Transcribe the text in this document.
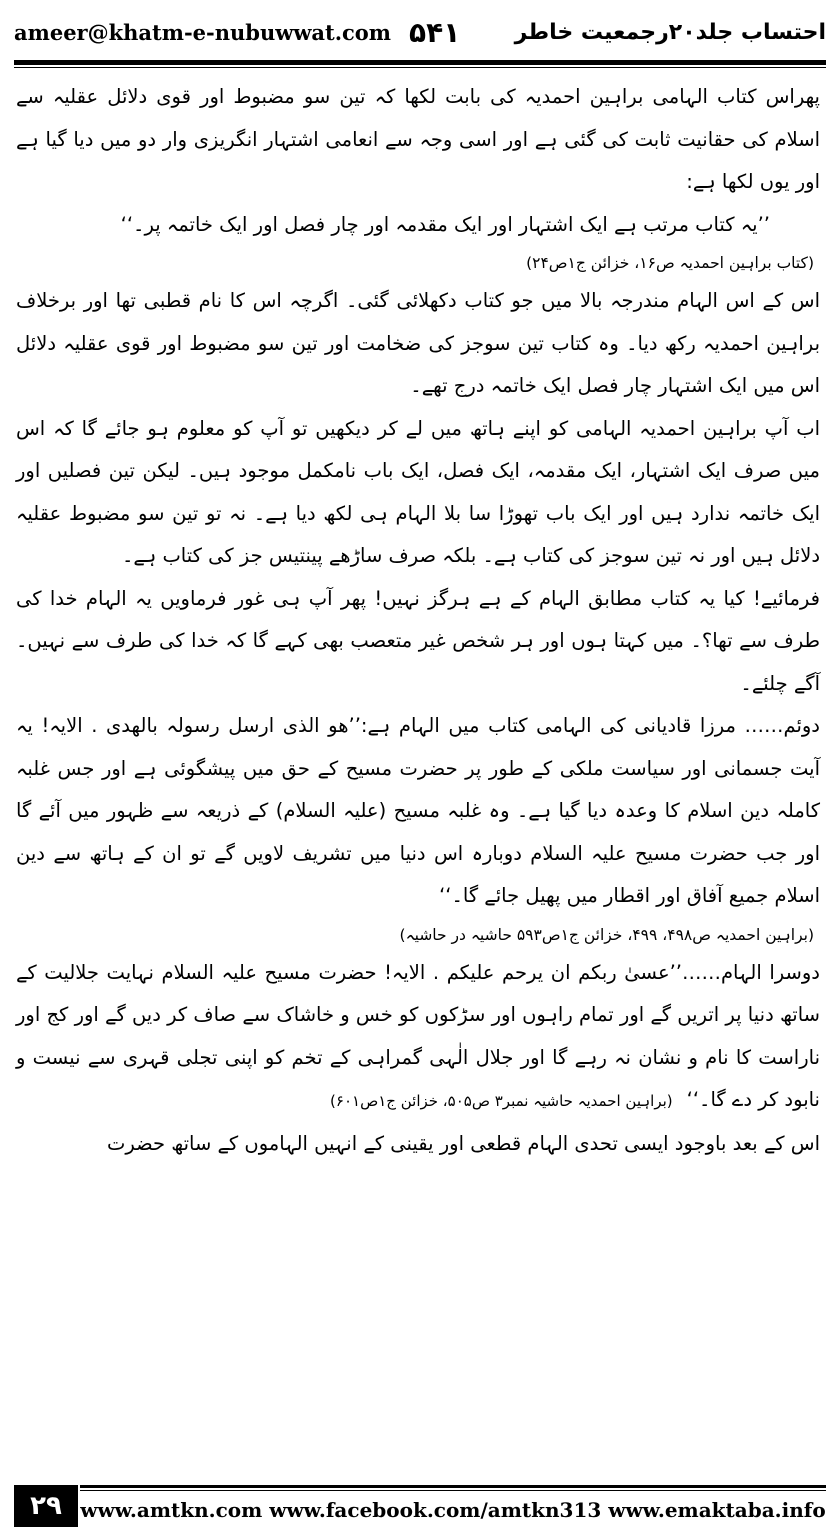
ameer@khatm-e-nubuwwat.com ۵۴۱ احتساب جلد۲۰رجمعیت خاطر

پھراس کتاب الہامی براہین احمدیہ کی بابت لکھا کہ تین سو مضبوط اور قوی دلائل عقلیہ سے اسلام کی حقانیت ثابت کی گئی ہے اور اسی وجہ سے انعامی اشتہار انگریزی وار دو میں دیا گیا ہے اور یوں لکھا ہے:

’’یہ کتاب مرتب ہے ایک اشتہار اور ایک مقدمہ اور چار فصل اور ایک خاتمہ پر۔‘‘

(کتاب براہین احمدیہ ص۱۶، خزائن ج۱ص۲۴)

اس کے اس الہام مندرجہ بالا میں جو کتاب دکھلائی گئی۔ اگرچہ اس کا نام قطبی تھا اور برخلاف براہین احمدیہ رکھ دیا۔ وہ کتاب تین سوجز کی ضخامت اور تین سو مضبوط اور قوی عقلیہ دلائل اس میں ایک اشتہار چار فصل ایک خاتمہ درج تھے۔

اب آپ براہین احمدیہ الہامی کو اپنے ہاتھ میں لے کر دیکھیں تو آپ کو معلوم ہو جائے گا کہ اس میں صرف ایک اشتہار، ایک مقدمہ، ایک فصل، ایک باب نامکمل موجود ہیں۔ لیکن تین فصلیں اور ایک خاتمہ ندارد ہیں اور ایک باب تھوڑا سا بلا الہام ہی لکھ دیا ہے۔ نہ تو تین سو مضبوط عقلیہ دلائل ہیں اور نہ تین سوجز کی کتاب ہے۔ بلکہ صرف ساڑھے پینتیس جز کی کتاب ہے۔

فرمائیے! کیا یہ کتاب مطابق الہام کے ہے ہرگز نہیں! پھر آپ ہی غور فرماویں یہ الہام خدا کی طرف سے تھا؟۔ میں کہتا ہوں اور ہر شخص غیر متعصب بھی کہے گا کہ خدا کی طرف سے نہیں۔ آگے چلئے۔

دوئم…… مرزا قادیانی کی الہامی کتاب میں الہام ہے:’’ھو الذی ارسل رسولہ بالھدی . الایہ! یہ آیت جسمانی اور سیاست ملکی کے طور پر حضرت مسیح کے حق میں پیشگوئی ہے اور جس غلبہ کاملہ دین اسلام کا وعدہ دیا گیا ہے۔ وہ غلبہ مسیح (علیہ السلام) کے ذریعہ سے ظہور میں آئے گا اور جب حضرت مسیح علیہ السلام دوبارہ اس دنیا میں تشریف لاویں گے تو ان کے ہاتھ سے دین اسلام جمیع آفاق اور اقطار میں پھیل جائے گا۔‘‘

(براہین احمدیہ ص۴۹۸، ۴۹۹، خزائن ج۱ص۵۹۳ حاشیہ در حاشیہ)

دوسرا الہام……’’عسیٰ ربکم ان یرحم علیکم . الایہ! حضرت مسیح علیہ السلام نہایت جلالیت کے ساتھ دنیا پر اتریں گے اور تمام راہوں اور سڑکوں کو خس و خاشاک سے صاف کر دیں گے اور کج اور ناراست کا نام و نشان نہ رہے گا اور جلال الٰہی گمراہی کے تخم کو اپنی تجلی قہری سے نیست و نابود کر دے گا۔‘‘(براہین احمدیہ حاشیہ نمبر۳ ص۵۰۵، خزائن ج۱ص۶۰۱)

اس کے بعد باوجود ایسی تحدی الہام قطعی اور یقینی کے انہیں الہاموں کے ساتھ حضرت

۲۹ www.amtkn.com www.facebook.com/amtkn313 www.emaktaba.info
